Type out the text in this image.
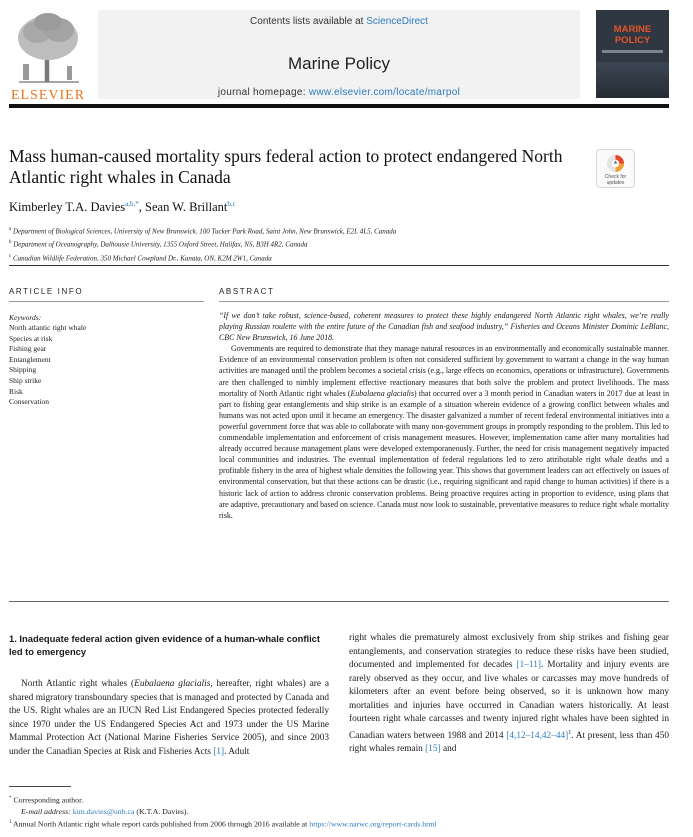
ELSEVIER
Contents lists available at ScienceDirect
Marine Policy
journal homepage: www.elsevier.com/locate/marpol
MARINE POLICY
Mass human-caused mortality spurs federal action to protect endangered North Atlantic right whales in Canada	Check for
updates
Kimberley T.A. Davies$^{a,b,*}$, Sean W. Brillant$^{b,c}$
$^a$ Department of Biological Sciences, University of New Brunswick. 100 Tucker Park Road, Saint John, New Brunswick, E2L 4L5, Canada
$^b$ Department of Oceanography, Dalhousie University, 1355 Oxford Street, Halifax, NS, B3H 4R2, Canada
$^c$ Canadian Wildlife Federation, 350 Michael Cowpland Dr., Kanata, ON, K2M 2W1, Canada
ARTICLE INFO
Keywords:
North atlantic right whale
Species at risk
Fishing gear
Entanglement
Shipping
Ship strike
Risk
Conservation
ABSTRACT

“If we don’t take robust, science-based, coherent measures to protect these highly endangered North Atlantic right whales, we’re really playing Russian roulette with the entire future of the Canadian fish and seafood industry,” Fisheries and Oceans Minister Dominic LeBlanc, CBC New Brunswick, 16 June 2018.

Governments are required to demonstrate that they manage natural resources in an environmentally and economically sustainable manner. Evidence of an environmental conservation problem is often not considered sufficient by government to warrant a change in the way human activities are managed until the problem becomes a societal crisis (e.g., large effects on economics, operations or infrastructure). Governments are then challenged to nimbly implement effective reactionary measures that both solve the problem and protect livelihoods. The mass mortality of North Atlantic right whales (Eubalaena glacialis) that occurred over a 3 month period in Canadian waters in 2017 due at least in part to fishing gear entanglements and ship strike is an example of a situation wherein evidence of a growing conflict between whales and humans was not acted upon until it became an emergency. The disaster galvanized a number of recent federal environmental initiatives into a powerful government force that was able to collaborate with many non-government groups in promptly responding to the problem. This led to commendable implementation and enforcement of crisis management measures. However, implementation came after many mortalities had already occurred because management plans were developed extemporaneously. Further, the need for crisis management negatively impacted local communities and industries. The eventual implementation of federal regulations led to zero attributable right whale deaths and a profitable fishery in the area of highest whale densities the following year. This shows that government leaders can act effectively on issues of environmental conservation, but that these actions can be drastic (i.e., requiring significant and rapid change to human activities) if there is a historic lack of action to address chronic conservation problems. Being proactive requires acting in proportion to evidence, using plans that are adaptive, precautionary and based on science. Canada must now look to sustainable, preventative measures to reduce right whale mortality risk.

1. Inadequate federal action given evidence of a human-whale conflict led to emergency

North Atlantic right whales (Eubalaena glacialis, hereafter, right whales) are a shared migratory transboundary species that is managed and protected by Canada and the US. Right whales are an IUCN Red List Endangered Species protected federally since 1970 under the US Endangered Species Act and 1973 under the US Marine Mammal Protection Act (National Marine Fisheries Service 2005), and since 2003 under the Canadian Species at Risk and Fisheries Acts [1]. Adult

right whales die prematurely almost exclusively from ship strikes and fishing gear entanglements, and conservation strategies to reduce these risks have been studied, documented and implemented for decades [1–11]. Mortality and injury events are rarely observed as they occur, and live whales or carcasses may move hundreds of kilometers after an event before being observed, so it is unknown how many mortalities and injuries have occurred in Canadian waters historically. At least fourteen right whale carcasses and twenty injured right whales have been sighted in Canadian waters between 1988 and 2014 $[4,12-14,42-44]^1$. At present, less than 450 right whales remain [15] and

* Corresponding author.

E-mail address: kim.davies@unb.ca (K.T.A. Davies).

$^1$ Annual North Atlantic right whale report cards published from 2006 through 2016 available at https://www.narwc.org/report-cards.html
